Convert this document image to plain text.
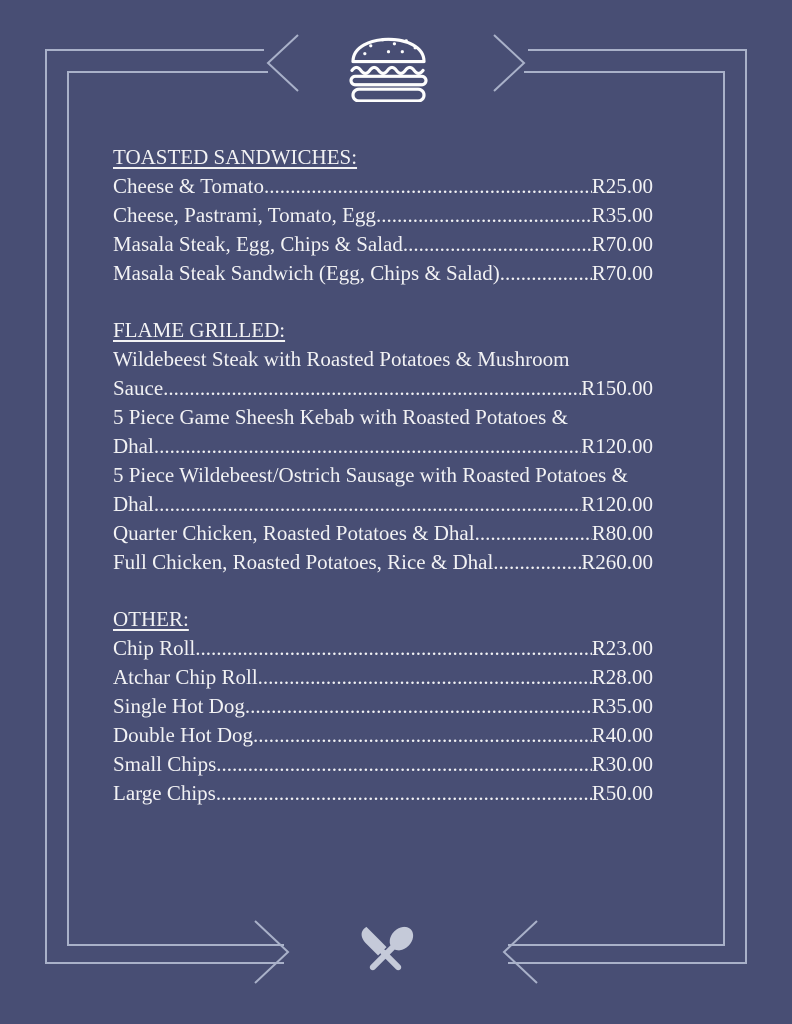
TOASTED SANDWICHES:
Cheese & Tomato .....	R25.00
Cheese, Pastrami, Tomato, Egg .....	R35.00
Masala Steak, Egg, Chips & Salad .....	R70.00
Masala Steak Sandwich (Egg, Chips & Salad) .....	R70.00
FLAME GRILLED:
Wildebeest Steak with Roasted Potatoes & Mushroom
Sauce .....	R150.00
5 Piece Game Sheesh Kebab with Roasted Potatoes &
Dhal .....	R120.00
5 Piece Wildebeest/Ostrich Sausage with Roasted Potatoes &
Dhal .....	R120.00
Quarter Chicken, Roasted Potatoes & Dhal .....	R80.00
Full Chicken, Roasted Potatoes, Rice & Dhal .....	R260.00
OTHER:
Chip Roll .....	R23.00
Atchar Chip Roll .....	R28.00
Single Hot Dog .....	R35.00
Double Hot Dog .....	R40.00
Small Chips .....	R30.00
Large Chips .....	R50.00
